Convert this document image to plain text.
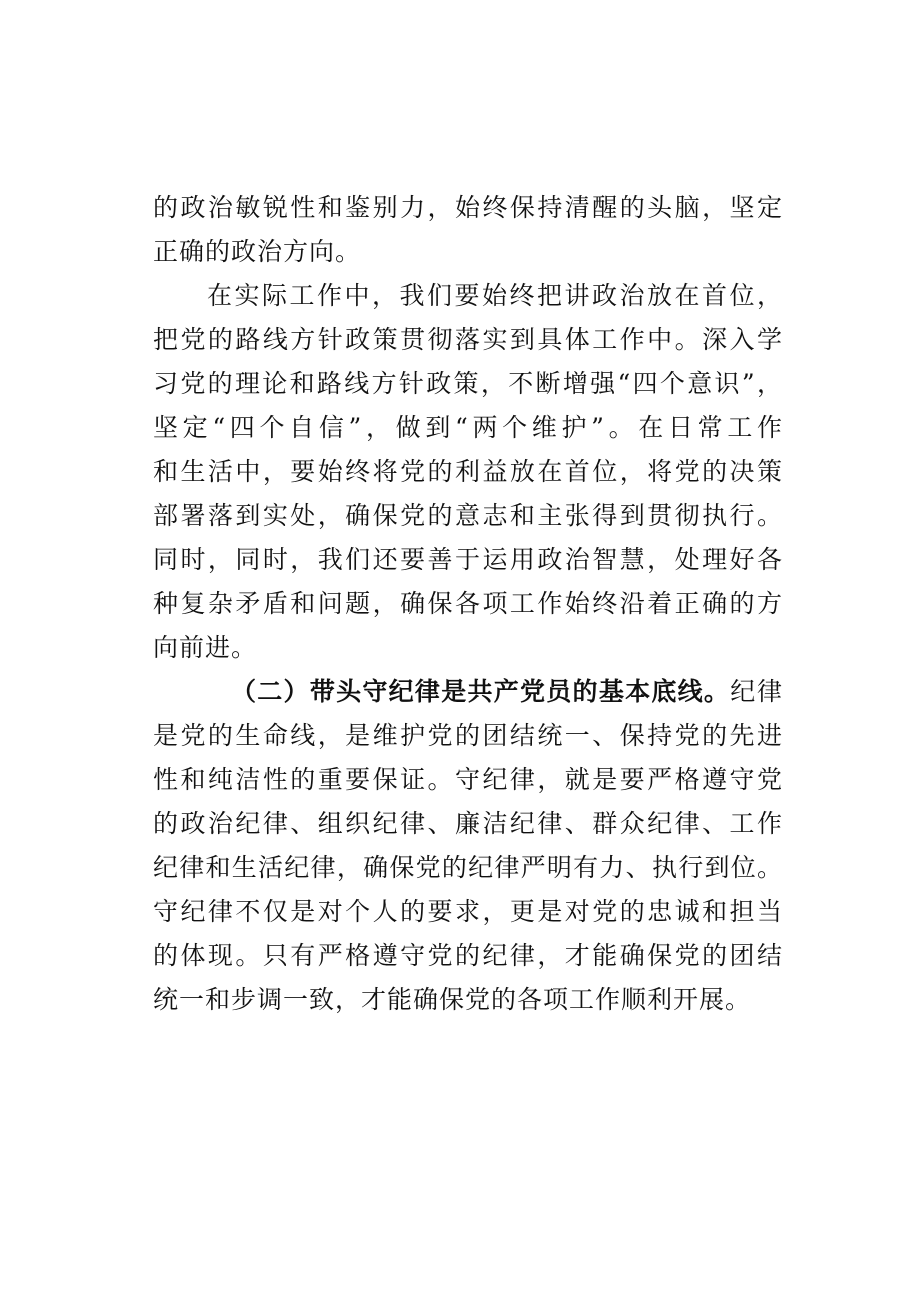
的政治敏锐性和鉴别力，始终保持清醒的头脑，坚定
正确的政治方向。
在实际工作中，我们要始终把讲政治放在首位，
把党的路线方针政策贯彻落实到具体工作中。深入学
习党的理论和路线方针政策，不断增强“四个意识”，
坚定“四个自信”，做到“两个维护”。在日常工作
和生活中，要始终将党的利益放在首位，将党的决策
部署落到实处，确保党的意志和主张得到贯彻执行。
同时，同时，我们还要善于运用政治智慧，处理好各
种复杂矛盾和问题，确保各项工作始终沿着正确的方
向前进。
（二）带头守纪律是共产党员的基本底线。纪律
是党的生命线，是维护党的团结统一、保持党的先进
性和纯洁性的重要保证。守纪律，就是要严格遵守党
的政治纪律、组织纪律、廉洁纪律、群众纪律、工作
纪律和生活纪律，确保党的纪律严明有力、执行到位。
守纪律不仅是对个人的要求，更是对党的忠诚和担当
的体现。只有严格遵守党的纪律，才能确保党的团结
统一和步调一致，才能确保党的各项工作顺利开展。
